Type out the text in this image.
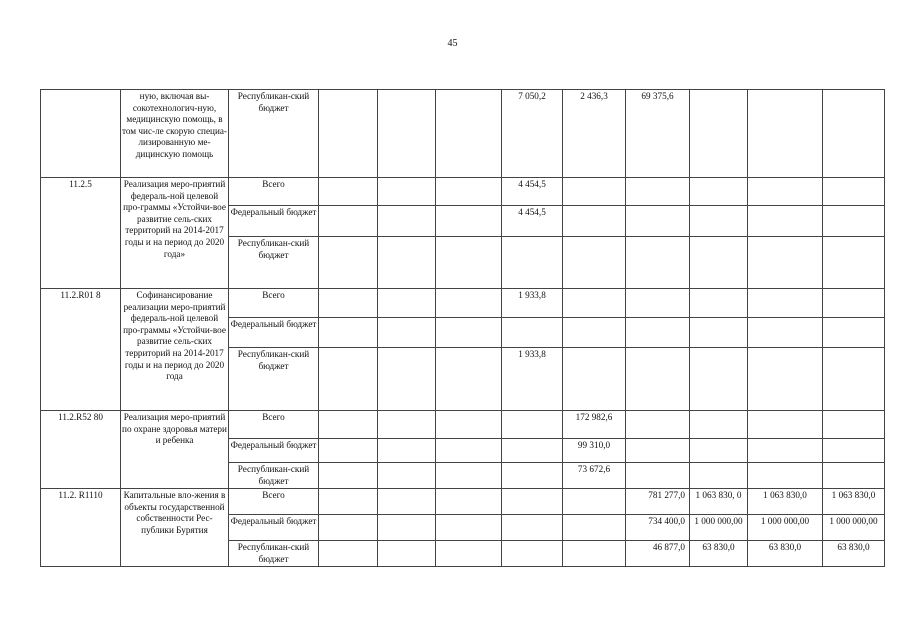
45
	ную, включая вы-сокотехнологич-ную, медицинскую помощь, в том чис-ле скорую специа-лизированную ме-дицинскую помощь	Республикан-ский бюджет				7 050,2	2 436,3	69 375,6			
11.2.5	Реализация меро-приятий федераль-ной целевой про-граммы «Устойчи-вое развитие сель-ских территорий на 2014-2017 годы и на период до 2020 года»	Всего				4 454,5					
		Федеральный бюджет				4 454,5					
		Республикан-ский бюджет									
11.2.R01 8	Софинансирование реализации меро-приятий федераль-ной целевой про-граммы «Устойчи-вое развитие сель-ских территорий на 2014-2017 годы и на период до 2020 года	Всего				1 933,8					
		Федеральный бюджет									
		Республикан-ский бюджет				1 933,8					
11.2.R52 80	Реализация меро-приятий по охране здоровья матери и ребенка	Всего					172 982,6				
		Федеральный бюджет					99 310,0				
		Республикан-ский бюджет					73 672,6				
11.2. R1110	Капитальные вло-жения в объекты государственной собственности Рес-публики Бурятия	Всего						781 277,0	1 063 830, 0	1 063 830,0	1 063 830,0
		Федеральный бюджет						734 400,0	1 000 000,00	1 000 000,00	1 000 000,00
		Республикан-ский бюджет						46 877,0	63 830,0	63 830,0	63 830,0
